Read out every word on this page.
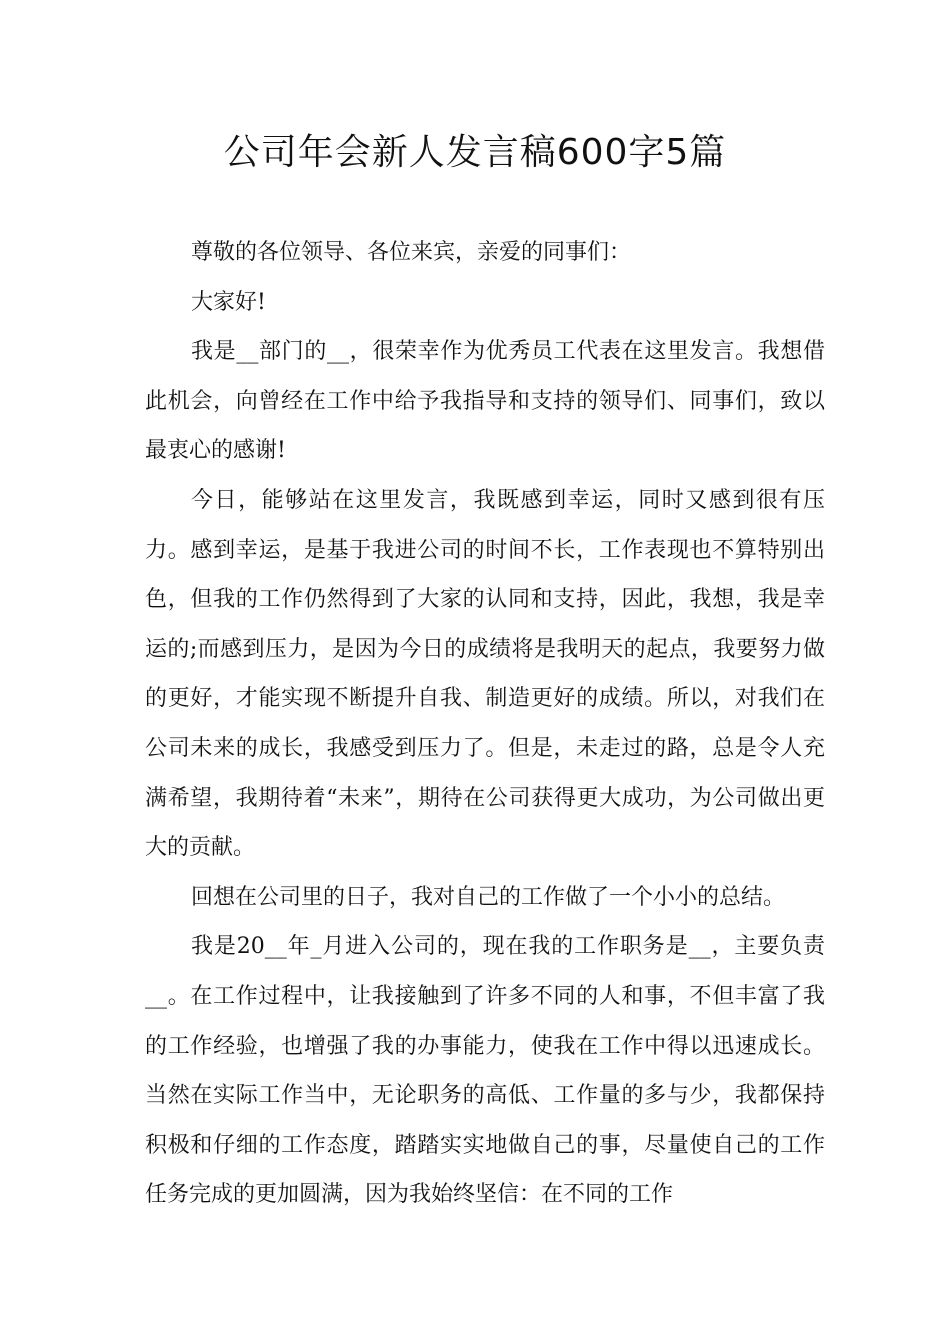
公司年会新人发言稿600字5篇

尊敬的各位领导、各位来宾，亲爱的同事们：

大家好!

我是__部门的__，很荣幸作为优秀员工代表在这里发言。我想借此机会，向曾经在工作中给予我指导和支持的领导们、同事们，致以最衷心的感谢!

今日，能够站在这里发言，我既感到幸运，同时又感到很有压力。感到幸运，是基于我进公司的时间不长，工作表现也不算特别出色，但我的工作仍然得到了大家的认同和支持，因此，我想，我是幸运的;而感到压力，是因为今日的成绩将是我明天的起点，我要努力做的更好，才能实现不断提升自我、制造更好的成绩。所以，对我们在公司未来的成长，我感受到压力了。但是，未走过的路，总是令人充满希望，我期待着“未来”，期待在公司获得更大成功，为公司做出更大的贡献。

回想在公司里的日子，我对自己的工作做了一个小小的总结。

我是20__年_月进入公司的，现在我的工作职务是__，主要负责__。在工作过程中，让我接触到了许多不同的人和事，不但丰富了我的工作经验，也增强了我的办事能力，使我在工作中得以迅速成长。当然在实际工作当中，无论职务的高低、工作量的多与少，我都保持积极和仔细的工作态度，踏踏实实地做自己的事，尽量使自己的工作任务完成的更加圆满，因为我始终坚信：在不同的工作
